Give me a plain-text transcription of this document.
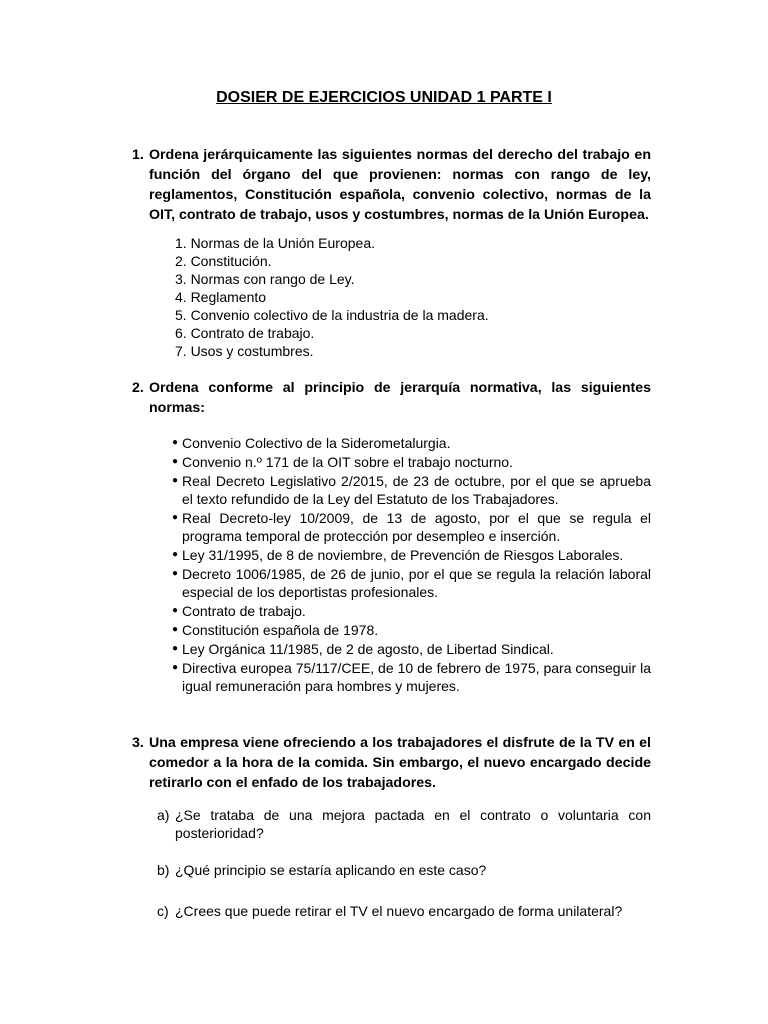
DOSIER DE EJERCICIOS UNIDAD 1 PARTE I
1. Ordena jerárquicamente las siguientes normas del derecho del trabajo en función del órgano del que provienen: normas con rango de ley, reglamentos, Constitución española, convenio colectivo, normas de la OIT, contrato de trabajo, usos y costumbres, normas de la Unión Europea.
1. Normas de la Unión Europea.
2. Constitución.
3. Normas con rango de Ley.
4. Reglamento
5. Convenio colectivo de la industria de la madera.
6. Contrato de trabajo.
7. Usos y costumbres.
2. Ordena conforme al principio de jerarquía normativa, las siguientes normas:
● Convenio Colectivo de la Siderometalurgia.
● Convenio n.º 171 de la OIT sobre el trabajo nocturno.
● Real Decreto Legislativo 2/2015, de 23 de octubre, por el que se aprueba el texto refundido de la Ley del Estatuto de los Trabajadores.
● Real Decreto-ley 10/2009, de 13 de agosto, por el que se regula el programa temporal de protección por desempleo e inserción.
● Ley 31/1995, de 8 de noviembre, de Prevención de Riesgos Laborales.
● Decreto 1006/1985, de 26 de junio, por el que se regula la relación laboral especial de los deportistas profesionales.
● Contrato de trabajo.
● Constitución española de 1978.
● Ley Orgánica 11/1985, de 2 de agosto, de Libertad Sindical.
● Directiva europea 75/117/CEE, de 10 de febrero de 1975, para conseguir la igual remuneración para hombres y mujeres.
3. Una empresa viene ofreciendo a los trabajadores el disfrute de la TV en el comedor a la hora de la comida. Sin embargo, el nuevo encargado decide retirarlo con el enfado de los trabajadores.
a) ¿Se trataba de una mejora pactada en el contrato o voluntaria con posterioridad?
b) ¿Qué principio se estaría aplicando en este caso?
c) ¿Crees que puede retirar el TV el nuevo encargado de forma unilateral?
